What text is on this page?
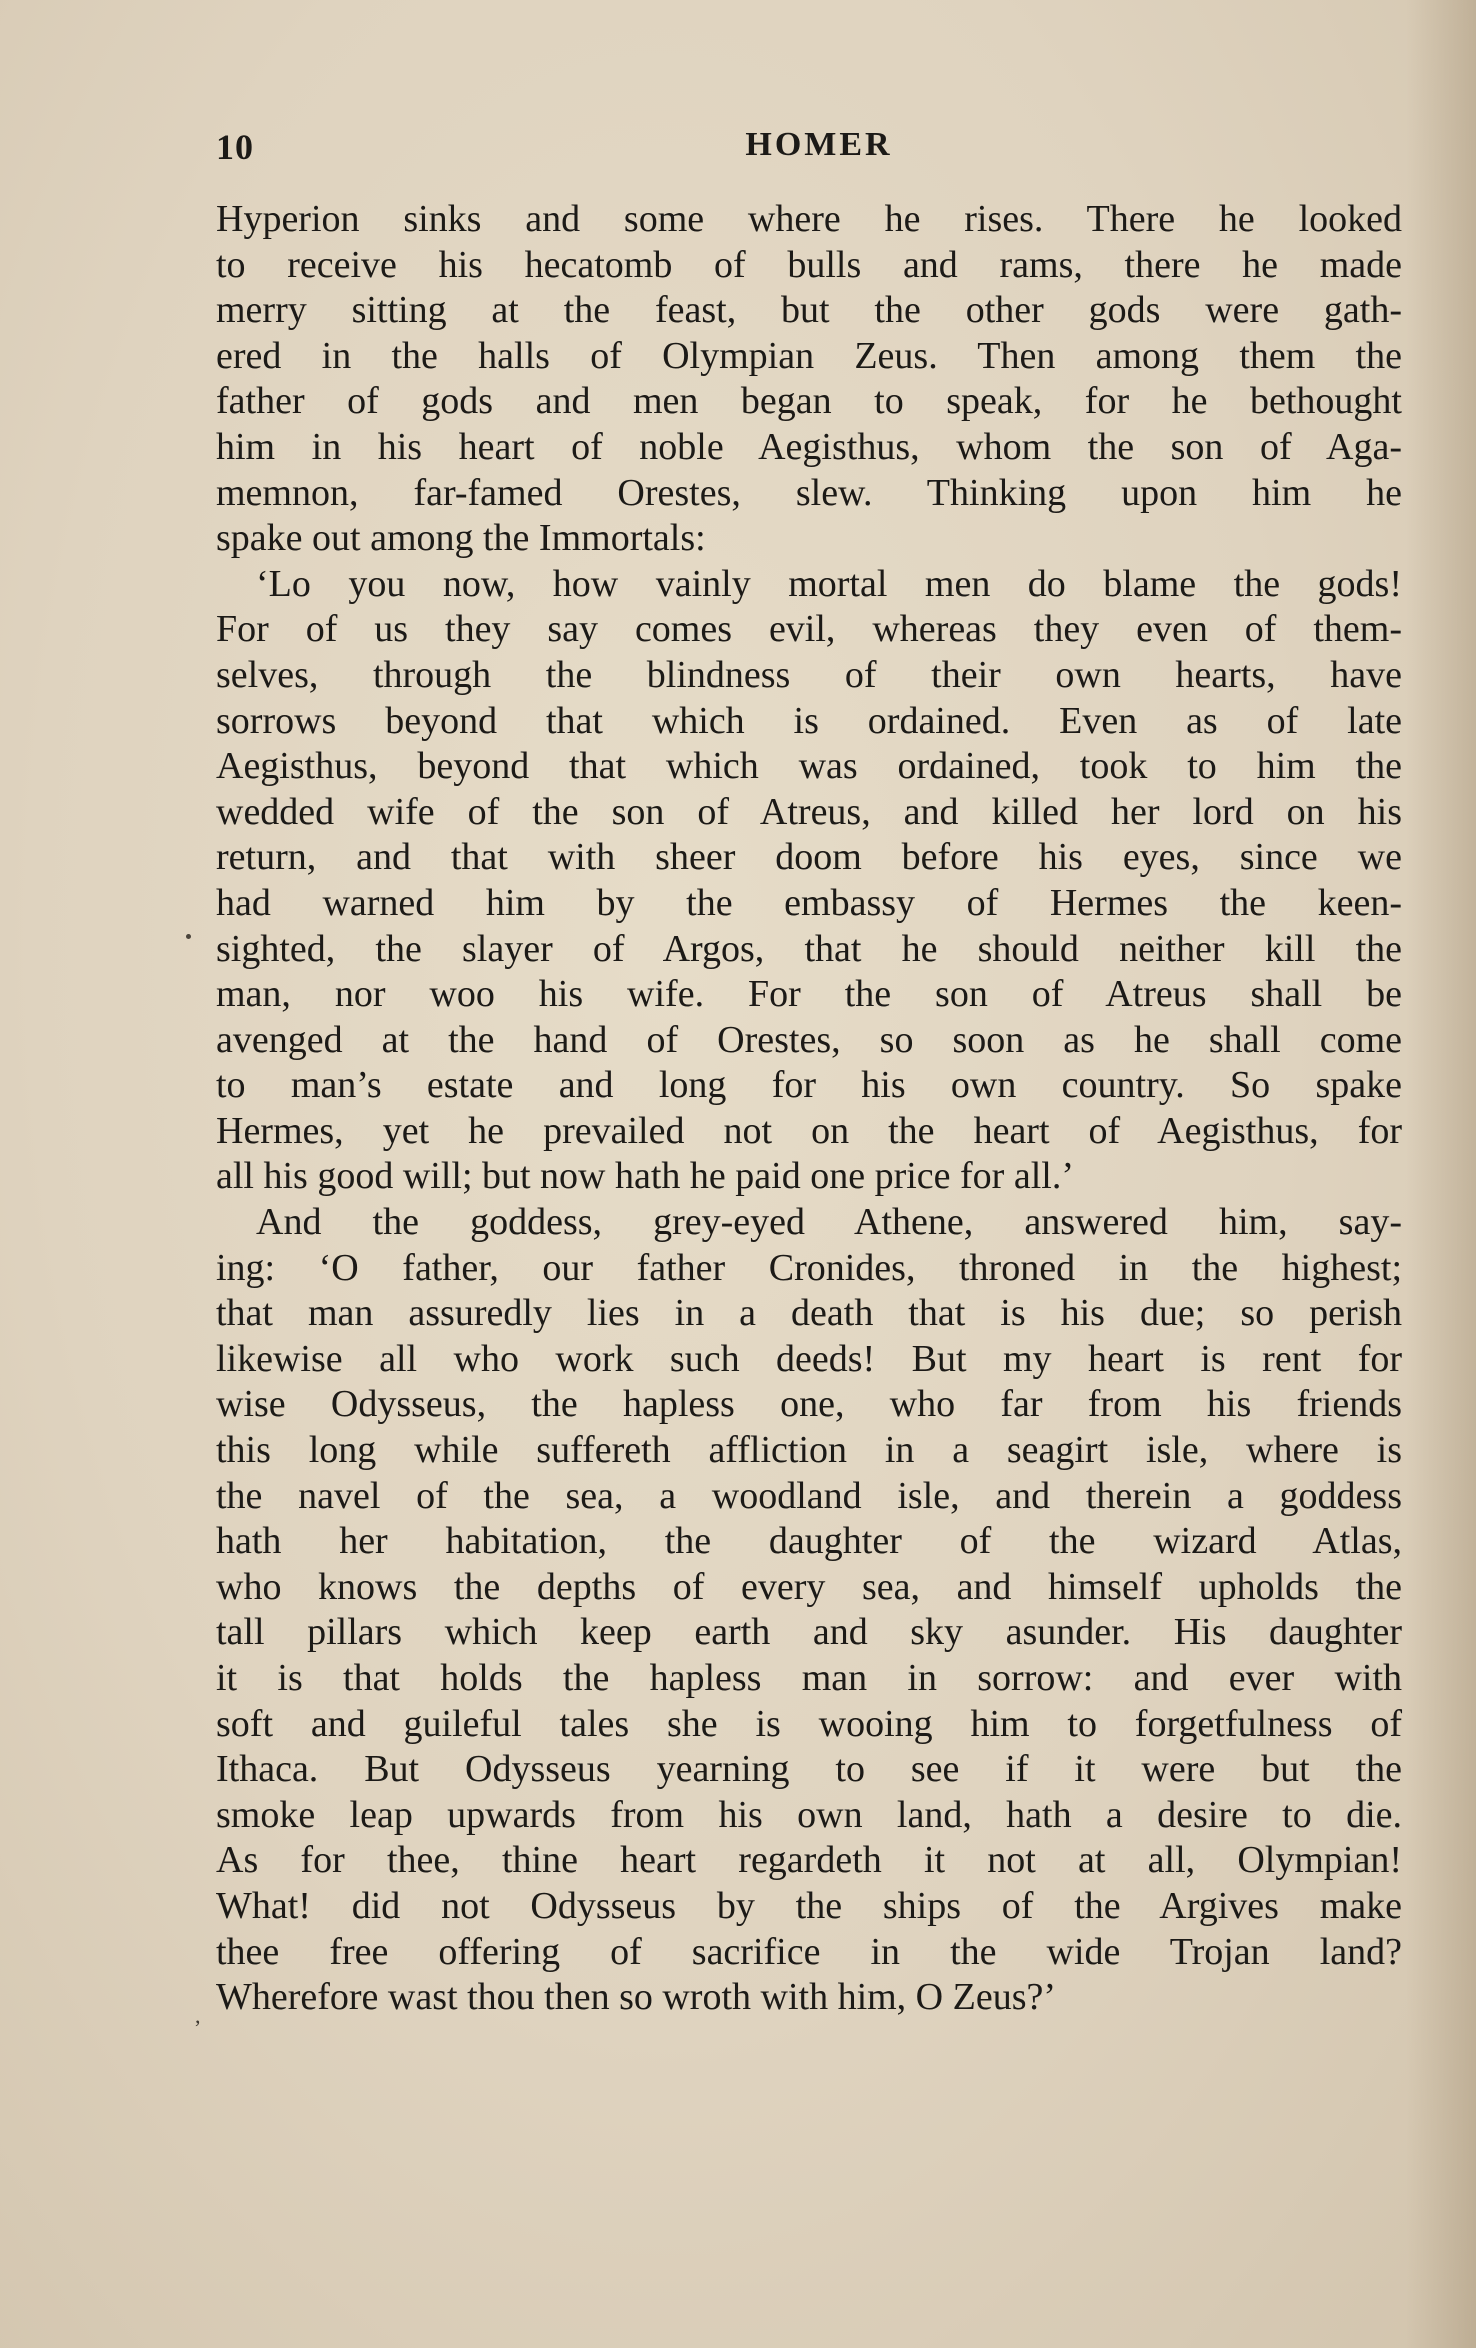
10	HOMER
Hyperion sinks and some where he rises. There he looked
to receive his hecatomb of bulls and rams, there he made
merry sitting at the feast, but the other gods were gath-
ered in the halls of Olympian Zeus. Then among them the
father of gods and men began to speak, for he bethought
him in his heart of noble Aegisthus, whom the son of Aga-
memnon, far-famed Orestes, slew. Thinking upon him he
spake out among the Immortals:
‘Lo you now, how vainly mortal men do blame the gods!
For of us they say comes evil, whereas they even of them-
selves, through the blindness of their own hearts, have
sorrows beyond that which is ordained. Even as of late
Aegisthus, beyond that which was ordained, took to him the
wedded wife of the son of Atreus, and killed her lord on his
return, and that with sheer doom before his eyes, since we
had warned him by the embassy of Hermes the keen-
sighted, the slayer of Argos, that he should neither kill the
man, nor woo his wife. For the son of Atreus shall be
avenged at the hand of Orestes, so soon as he shall come
to man’s estate and long for his own country. So spake
Hermes, yet he prevailed not on the heart of Aegisthus, for
all his good will; but now hath he paid one price for all.’
And the goddess, grey-eyed Athene, answered him, say-
ing: ‘O father, our father Cronides, throned in the highest;
that man assuredly lies in a death that is his due; so perish
likewise all who work such deeds! But my heart is rent for
wise Odysseus, the hapless one, who far from his friends
this long while suffereth affliction in a seagirt isle, where is
the navel of the sea, a woodland isle, and therein a goddess
hath her habitation, the daughter of the wizard Atlas,
who knows the depths of every sea, and himself upholds the
tall pillars which keep earth and sky asunder. His daughter
it is that holds the hapless man in sorrow: and ever with
soft and guileful tales she is wooing him to forgetfulness of
Ithaca. But Odysseus yearning to see if it were but the
smoke leap upwards from his own land, hath a desire to die.
As for thee, thine heart regardeth it not at all, Olympian!
What! did not Odysseus by the ships of the Argives make
thee free offering of sacrifice in the wide Trojan land?
Wherefore wast thou then so wroth with him, O Zeus?’
,
